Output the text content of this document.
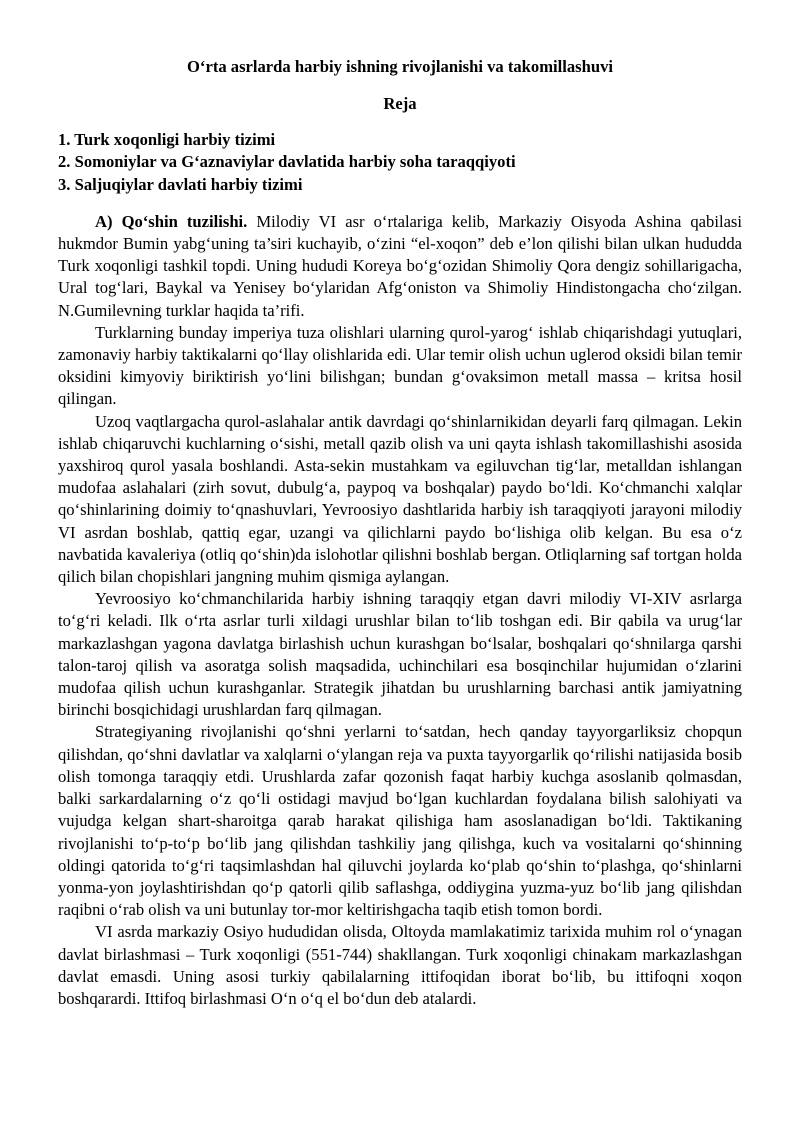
O‘rta asrlarda harbiy ishning rivojlanishi va takomillashuvi
Reja
1. Turk xoqonligi harbiy tizimi
2. Somoniylar va G‘aznaviylar davlatida harbiy soha taraqqiyoti
3. Saljuqiylar davlati harbiy tizimi

A) Qo‘shin tuzilishi. Milodiy VI asr o‘rtalariga kelib, Markaziy Oisyoda Ashina qabilasi hukmdor Bumin yabg‘uning ta’siri kuchayib, o‘zini “el-xoqon” deb e’lon qilishi bilan ulkan hududda Turk xoqonligi tashkil topdi. Uning hududi Koreya bo‘g‘ozidan Shimoliy Qora dengiz sohillarigacha, Ural tog‘lari, Baykal va Yenisey bo‘ylaridan Afg‘oniston va Shimoliy Hindistongacha cho‘zilgan. N.Gumilevning turklar haqida ta’rifi.

Turklarning bunday imperiya tuza olishlari ularning qurol-yarog‘ ishlab chiqarishdagi yutuqlari, zamonaviy harbiy taktikalarni qo‘llay olishlarida edi. Ular temir olish uchun uglerod oksidi bilan temir oksidini kimyoviy biriktirish yo‘lini bilishgan; bundan g‘ovaksimon metall massa – kritsa hosil qilingan.

Uzoq vaqtlargacha qurol-aslahalar antik davrdagi qo‘shinlarnikidan deyarli farq qilmagan. Lekin ishlab chiqaruvchi kuchlarning o‘sishi, metall qazib olish va uni qayta ishlash takomillashishi asosida yaxshiroq qurol yasala boshlandi. Asta-sekin mustahkam va egiluvchan tig‘lar, metalldan ishlangan mudofaa aslahalari (zirh sovut, dubulg‘a, paypoq va boshqalar) paydo bo‘ldi. Ko‘chmanchi xalqlar qo‘shinlarining doimiy to‘qnashuvlari, Yevroosiyo dashtlarida harbiy ish taraqqiyoti jarayoni milodiy VI asrdan boshlab, qattiq egar, uzangi va qilichlarni paydo bo‘lishiga olib kelgan. Bu esa o‘z navbatida kavaleriya (otliq qo‘shin)da islohotlar qilishni boshlab bergan. Otliqlarning saf tortgan holda qilich bilan chopishlari jangning muhim qismiga aylangan.

Yevroosiyo ko‘chmanchilarida harbiy ishning taraqqiy etgan davri milodiy VI-XIV asrlarga to‘g‘ri keladi. Ilk o‘rta asrlar turli xildagi urushlar bilan to‘lib toshgan edi. Bir qabila va urug‘lar markazlashgan yagona davlatga birlashish uchun kurashgan bo‘lsalar, boshqalari qo‘shnilarga qarshi talon-taroj qilish va asoratga solish maqsadida, uchinchilari esa bosqinchilar hujumidan o‘zlarini mudofaa qilish uchun kurashganlar. Strategik jihatdan bu urushlarning barchasi antik jamiyatning birinchi bosqichidagi urushlardan farq qilmagan.

Strategiyaning rivojlanishi qo‘shni yerlarni to‘satdan, hech qanday tayyorgarliksiz chopqun qilishdan, qo‘shni davlatlar va xalqlarni o‘ylangan reja va puxta tayyorgarlik qo‘rilishi natijasida bosib olish tomonga taraqqiy etdi. Urushlarda zafar qozonish faqat harbiy kuchga asoslanib qolmasdan, balki sarkardalarning o‘z qo‘li ostidagi mavjud bo‘lgan kuchlardan foydalana bilish salohiyati va vujudga kelgan shart-sharoitga qarab harakat qilishiga ham asoslanadigan bo‘ldi. Taktikaning rivojlanishi to‘p-to‘p bo‘lib jang qilishdan tashkiliy jang qilishga, kuch va vositalarni qo‘shinning oldingi qatorida to‘g‘ri taqsimlashdan hal qiluvchi joylarda ko‘plab qo‘shin to‘plashga, qo‘shinlarni yonma-yon joylashtirishdan qo‘p qatorli qilib saflashga, oddiygina yuzma-yuz bo‘lib jang qilishdan raqibni o‘rab olish va uni butunlay tor-mor keltirishgacha taqib etish tomon bordi.

VI asrda markaziy Osiyo hududidan olisda, Oltoyda mamlakatimiz tarixida muhim rol o‘ynagan davlat birlashmasi – Turk xoqonligi (551-744) shakllangan. Turk xoqonligi chinakam markazlashgan davlat emasdi. Uning asosi turkiy qabilalarning ittifoqidan iborat bo‘lib, bu ittifoqni xoqon boshqarardi. Ittifoq birlashmasi O‘n o‘q el bo‘dun deb atalardi.
